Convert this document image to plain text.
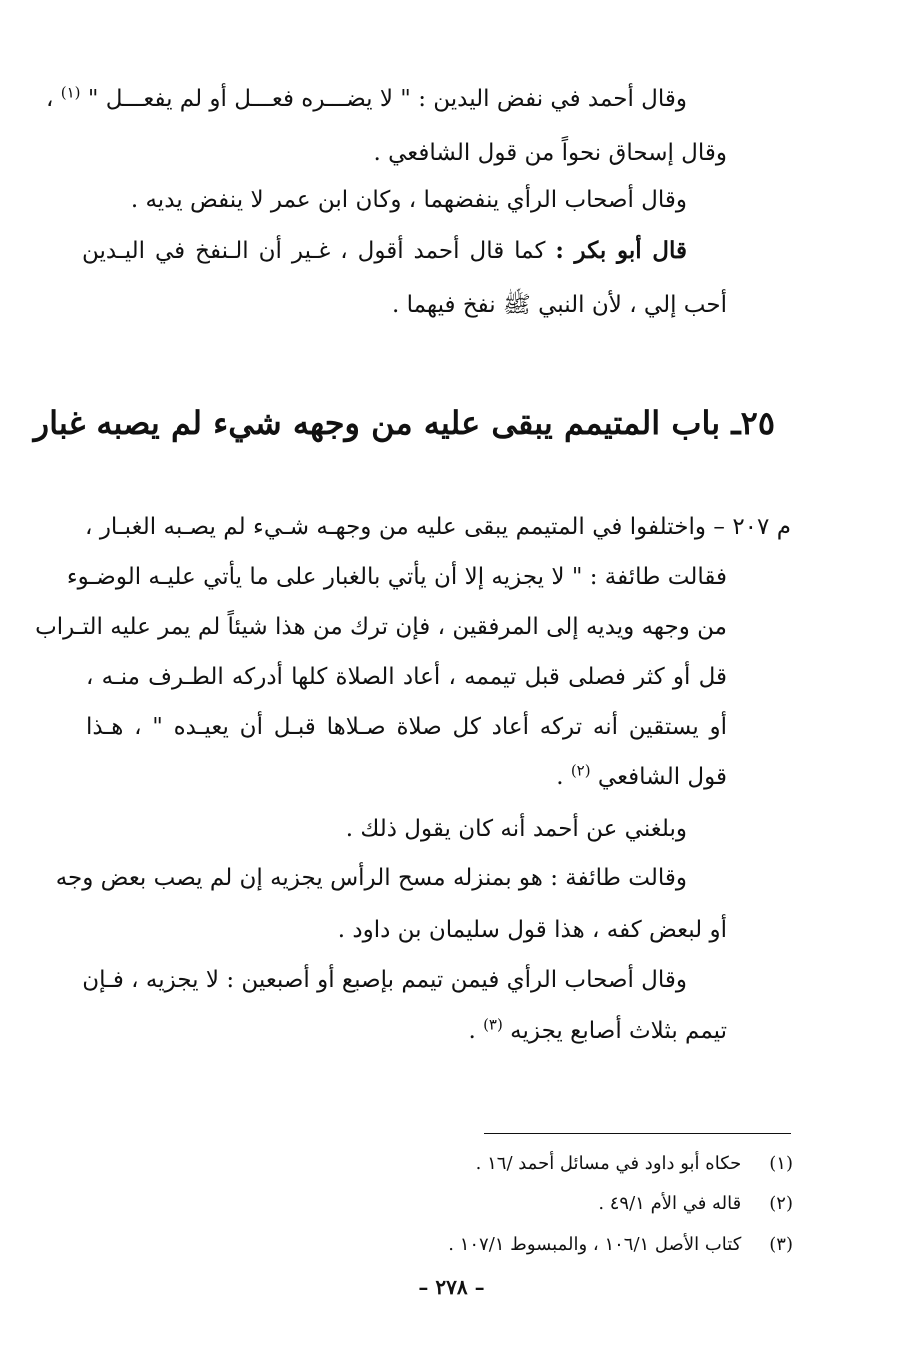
وقال أحمد في نفض اليدين : " لا يضـــره فعـــل أو لم يفعـــل " $^{(١)}$ ،
وقال إسحاق نحواً من قول الشافعي .
وقال أصحاب الرأي ينفضهما ، وكان ابن عمر لا ينفض يديه .
قال أبو بكر : كما قال أحمد أقول ، غـير أن الـنفخ في اليـدين
أحب إلي ، لأن النبي ﷺ نفخ فيهما .
٢٥ـ باب المتيمم يبقى عليه من وجهه شيء لم يصبه غبار
م ٢٠٧ – واختلفوا في المتيمم يبقى عليه من وجهـه شـيء لم يصـبه الغبـار ،
فقالت طائفة : " لا يجزيه إلا أن يأتي بالغبار على ما يأتي عليـه الوضـوء
من وجهه ويديه إلى المرفقين ، فإن ترك من هذا شيئاً لم يمر عليه التـراب
قل أو كثر فصلى قبل تيممه ، أعاد الصلاة كلها أدركه الطـرف منـه ،
أو يستقين أنه تركه أعاد كل صلاة صـلاها قبـل أن يعيـده " ، هـذا
قول الشافعي $^{(٢)}$ .
وبلغني عن أحمد أنه كان يقول ذلك .
وقالت طائفة : هو بمنزله مسح الرأس يجزيه إن لم يصب بعض وجه
أو لبعض كفه ، هذا قول سليمان بن داود .
وقال أصحاب الرأي فيمن تيمم بإصبع أو أصبعين : لا يجزيه ، فـإن
تيمم بثلاث أصابع يجزيه $^{(٣)}$ .
(١) حكاه أبو داود في مسائل أحمد /١٦ .
(٢) قاله في الأم ٤٩/١ .
(٣) كتاب الأصل ١٠٦/١ ، والمبسوط ١٠٧/١ .
– ٢٧٨ –
